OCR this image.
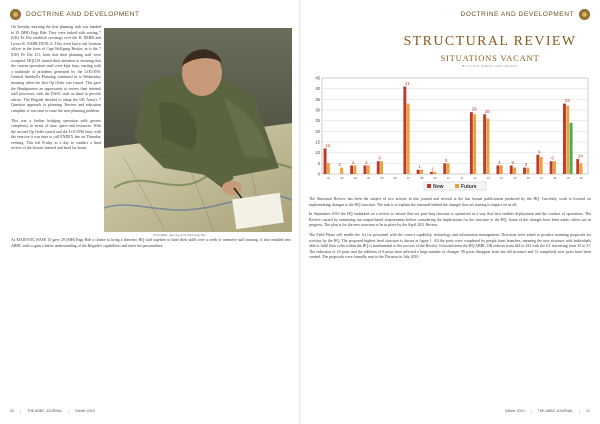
DOCTRINE AND DEVELOPMENT

On Tuesday morning the first planning task was handed to 29 (MH) Engr Bde. They were tasked with seizing 7 (UK) Fe Div establish crossings over the R. NEBB and Lower R. NARR DUNLA. They even had a real German officer in the form of Capt Wolfgang Becker, as is the 7 (UK) Fe Div LO, from that their planning staff were occupied. HQCOS turned their attention to ensuring that the current operations staff were kept busy, starting with a multitude of problems generated by the LOCONS. General Smithell's Planning continued in to Wednesday morning when the first Op Order was issued. This gave the Headquarters an opportunity to review their internal staff processes, with the DASC staff on hand to provide advice. The Brigade decided to adopt the UK Army's 7 Question approach to planning. Review and education complete, it was time to issue the next planning problem.

This was a further bridging operation with greater complexity in terms of time, space and resources. With the second Op Order issued and the LOCONS busy with the exercise it was time to call ENDEX late on Thursday evening. This left Friday as a day to conduct a final review of the lessons learned and head for home.

PICTURED: planning at 29 (MH) Engr Bde

As MAJESTIC BASE 10 gave 29 (MH) Engr Bde a chance to bring a theoretic HQ staff together to hone their skills over a week of intensive staff training. It also enabled new ABBC staff to gain a better understanding of the Brigade's capabilities and meet the personalities.

20 | THE ABBC JOURNAL | Winter 2010
DOCTRINE AND DEVELOPMENT
STRUCTURAL REVIEW
SITUATIONS VACANT
BY LT COL (RETD) TONY GILROY
0
5
10
15
20
25
30
35
40
45
12
01
2
02
4
03
4
04
6
05	06
41
07
1
08
1
09
5
10	11
29
12
28
13
4
14
5
15
3
16
9
17
6
18
33
19
24
20
Now	Future

The Structural Review has been the subject of two articles in this journal and several at the last formal publications produced by the HQ. Currently, work is focused on implementing changes to the HQ structure. The task is to explain the rationale behind the changes that are starting to impact on us all.

In September 2010 the HQ embarked on a review to ensure that our post-Iraq structure is optimised in a way that best enables deployment and the conduct of operations. The Review started by examining our output-based requirements before considering the implications for the structure of the HQ. Some of the changes have been made, others are in progress. The plan is for the new structure to be in place by the April 2011 Review.

The Field Phase will enable the 1st for personnel with the correct capability, technology and information management. Divisions were asked to produce manning proposals for scrutiny by the HQ. The proposed highest level structure is shown at figure 1. All the posts were completed by people from branches, meaning the new structure with individuals able to fulfil their roles within the HQ is fundamental to the success of the Review. In broad terms the HQ ABBC OR reduces from 444 to 432 with the G1 increasing from 35 to 37. The reduction of 16 posts and the addition of 6 posts have affected a large number of changes. 96 posts disappear from the old structure and 51 completely new posts have been created. The proposals were formally sent to the Division in July 2010.

Winter 2010 | THE ABBC JOURNAL | 21
